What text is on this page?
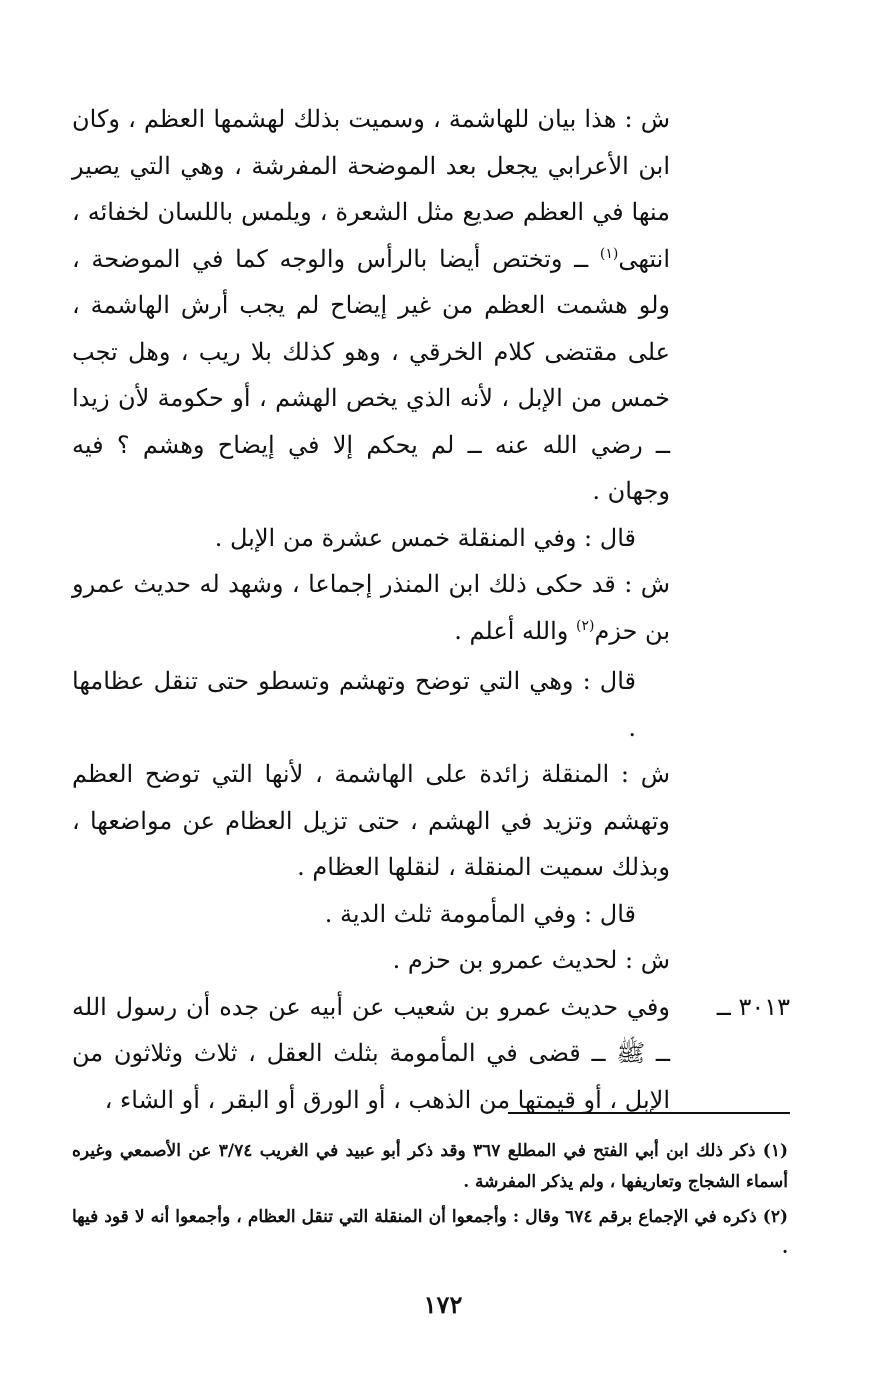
ش : هذا بيان للهاشمة ، وسميت بذلك لهشمها العظم ، وكان ابن الأعرابي يجعل بعد الموضحة المفرشة ، وهي التي يصير منها في العظم صديع مثل الشعرة ، ويلمس باللسان لخفائه ، انتهى$^{(١)}$ ــ وتختص أيضا بالرأس والوجه كما في الموضحة ، ولو هشمت العظم من غير إيضاح لم يجب أرش الهاشمة ، على مقتضى كلام الخرقي ، وهو كذلك بلا ريب ، وهل تجب خمس من الإبل ، لأنه الذي يخص الهشم ، أو حكومة لأن زيدا ــ رضي الله عنه ــ لم يحكم إلا في إيضاح وهشم ؟ فيه وجهان .

قال : وفي المنقلة خمس عشرة من الإبل .

ش : قد حكى ذلك ابن المنذر إجماعا ، وشهد له حديث عمرو بن حزم$^{(٢)}$ والله أعلم .

قال : وهي التي توضح وتهشم وتسطو حتى تنقل عظامها .

ش : المنقلة زائدة على الهاشمة ، لأنها التي توضح العظم وتهشم وتزيد في الهشم ، حتى تزيل العظام عن مواضعها ، وبذلك سميت المنقلة ، لنقلها العظام .

قال : وفي المأمومة ثلث الدية .

ش : لحديث عمرو بن حزم .

٣٠١٣ ــ
وفي حديث عمرو بن شعيب عن أبيه عن جده أن رسول الله ــ ﷺ ــ قضى في المأمومة بثلث العقل ، ثلاث وثلاثون من الإبل ، أو قيمتها من الذهب ، أو الورق أو البقر ، أو الشاء ،

(١) ذكر ذلك ابن أبي الفتح في المطلع ٣٦٧ وقد ذكر أبو عبيد في الغريب ٣/٧٤ عن الأصمعي وغيره أسماء الشجاج وتعاريفها ، ولم يذكر المفرشة .

(٢) ذكره في الإجماع برقم ٦٧٤ وقال : وأجمعوا أن المنقلة التي تنقل العظام ، وأجمعوا أنه لا قود فيها .

١٧٢
